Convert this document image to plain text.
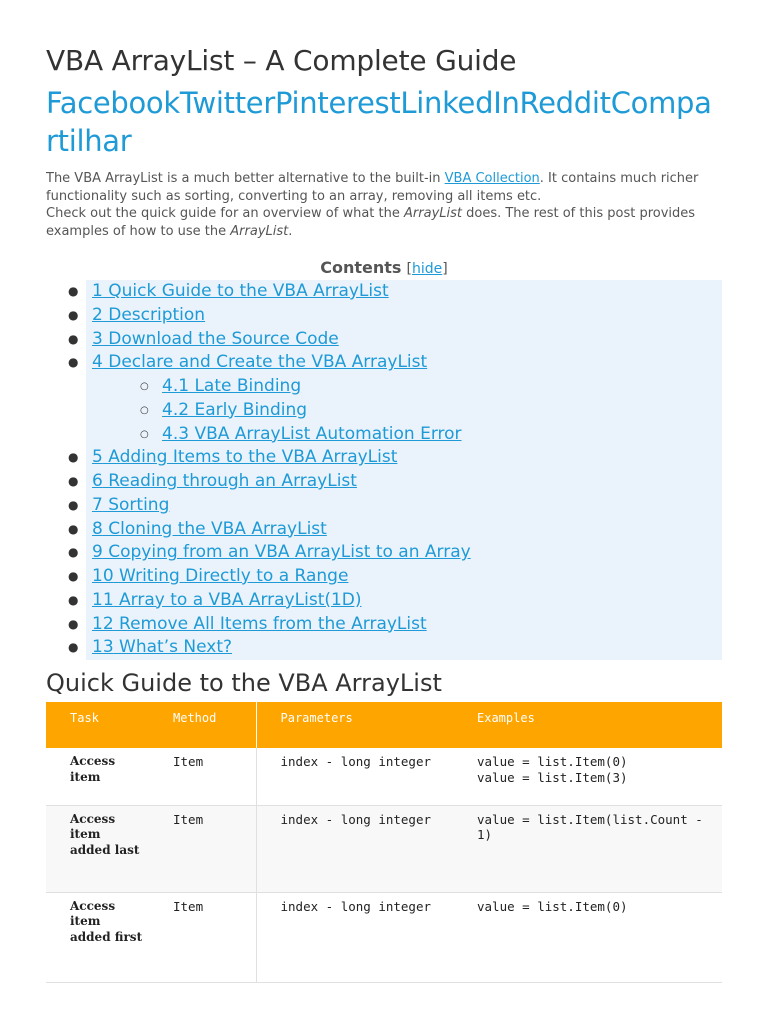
VBA ArrayList – A Complete Guide
FacebookTwitterPinterestLinkedInRedditCompartilhar

The VBA ArrayList is a much better alternative to the built-in VBA Collection. It contains much richer functionality such as sorting, converting to an array, removing all items etc.

Check out the quick guide for an overview of what the ArrayList does. The rest of this post provides examples of how to use the ArrayList.

Contents [hide]
● 1 Quick Guide to the VBA ArrayList
● 2 Description
● 3 Download the Source Code
● 4 Declare and Create the VBA ArrayList
○ 4.1 Late Binding
○ 4.2 Early Binding
○ 4.3 VBA ArrayList Automation Error
● 5 Adding Items to the VBA ArrayList
● 6 Reading through an ArrayList
● 7 Sorting
● 8 Cloning the VBA ArrayList
● 9 Copying from an VBA ArrayList to an Array
● 10 Writing Directly to a Range
● 11 Array to a VBA ArrayList(1D)
● 12 Remove All Items from the ArrayList
● 13 What’s Next?
Quick Guide to the VBA ArrayList
Task	Method	Parameters	Examples
Access item	Item	index - long integer	value = list.Item(0)
value = list.Item(3)
Access item added last	Item	index - long integer	value = list.Item(list.Count - 1)
Access item added first	Item	index - long integer	value = list.Item(0)
